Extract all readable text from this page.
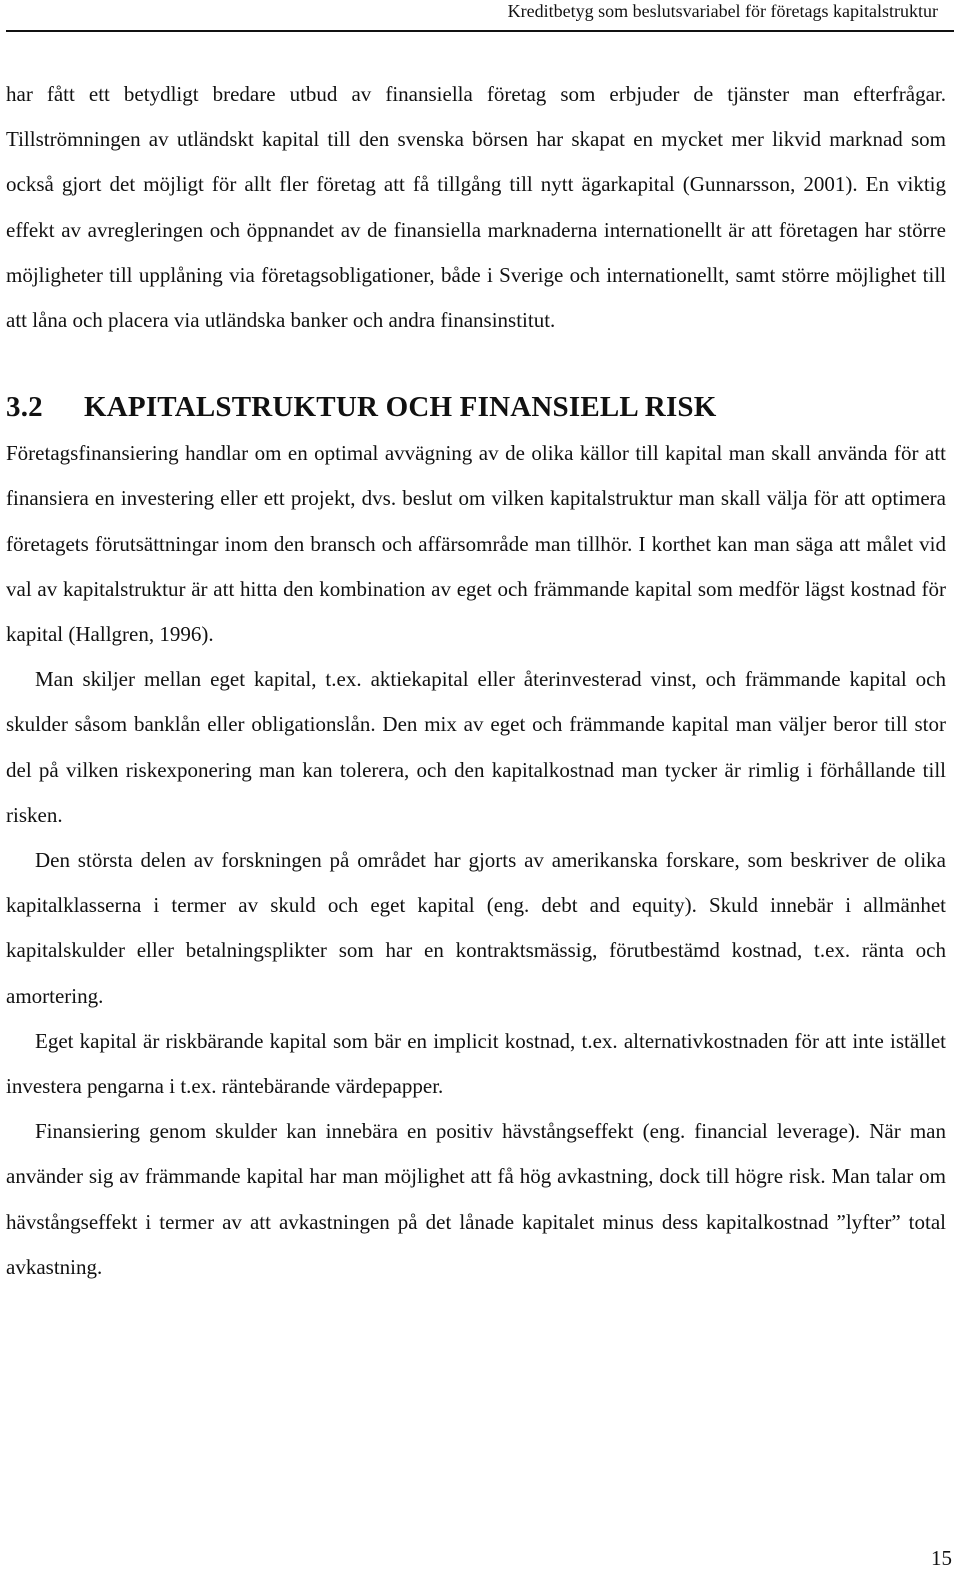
Kreditbetyg som beslutsvariabel för företags kapitalstruktur

har fått ett betydligt bredare utbud av finansiella företag som erbjuder de tjänster man efterfrågar. Tillströmningen av utländskt kapital till den svenska börsen har skapat en mycket mer likvid marknad som också gjort det möjligt för allt fler företag att få tillgång till nytt ägarkapital (Gunnarsson, 2001). En viktig effekt av avregleringen och öppnandet av de finansiella marknaderna internationellt är att företagen har större möjligheter till upplåning via företagsobligationer, både i Sverige och internationellt, samt större möjlighet till att låna och placera via utländska banker och andra finansinstitut.

3.2 KAPITALSTRUKTUR OCH FINANSIELL RISK

Företagsfinansiering handlar om en optimal avvägning av de olika källor till kapital man skall använda för att finansiera en investering eller ett projekt, dvs. beslut om vilken kapitalstruktur man skall välja för att optimera företagets förutsättningar inom den bransch och affärsområde man tillhör. I korthet kan man säga att målet vid val av kapitalstruktur är att hitta den kombination av eget och främmande kapital som medför lägst kostnad för kapital (Hallgren, 1996).

Man skiljer mellan eget kapital, t.ex. aktiekapital eller återinvesterad vinst, och främmande kapital och skulder såsom banklån eller obligationslån. Den mix av eget och främmande kapital man väljer beror till stor del på vilken riskexponering man kan tolerera, och den kapitalkostnad man tycker är rimlig i förhållande till risken.

Den största delen av forskningen på området har gjorts av amerikanska forskare, som beskriver de olika kapitalklasserna i termer av skuld och eget kapital (eng. debt and equity). Skuld innebär i allmänhet kapitalskulder eller betalningsplikter som har en kontraktsmässig, förutbestämd kostnad, t.ex. ränta och amortering.

Eget kapital är riskbärande kapital som bär en implicit kostnad, t.ex. alternativkostnaden för att inte istället investera pengarna i t.ex. räntebärande värdepapper.

Finansiering genom skulder kan innebära en positiv hävstångseffekt (eng. financial leverage). När man använder sig av främmande kapital har man möjlighet att få hög avkastning, dock till högre risk. Man talar om hävstångseffekt i termer av att avkastningen på det lånade kapitalet minus dess kapitalkostnad ”lyfter” total avkastning.

15
